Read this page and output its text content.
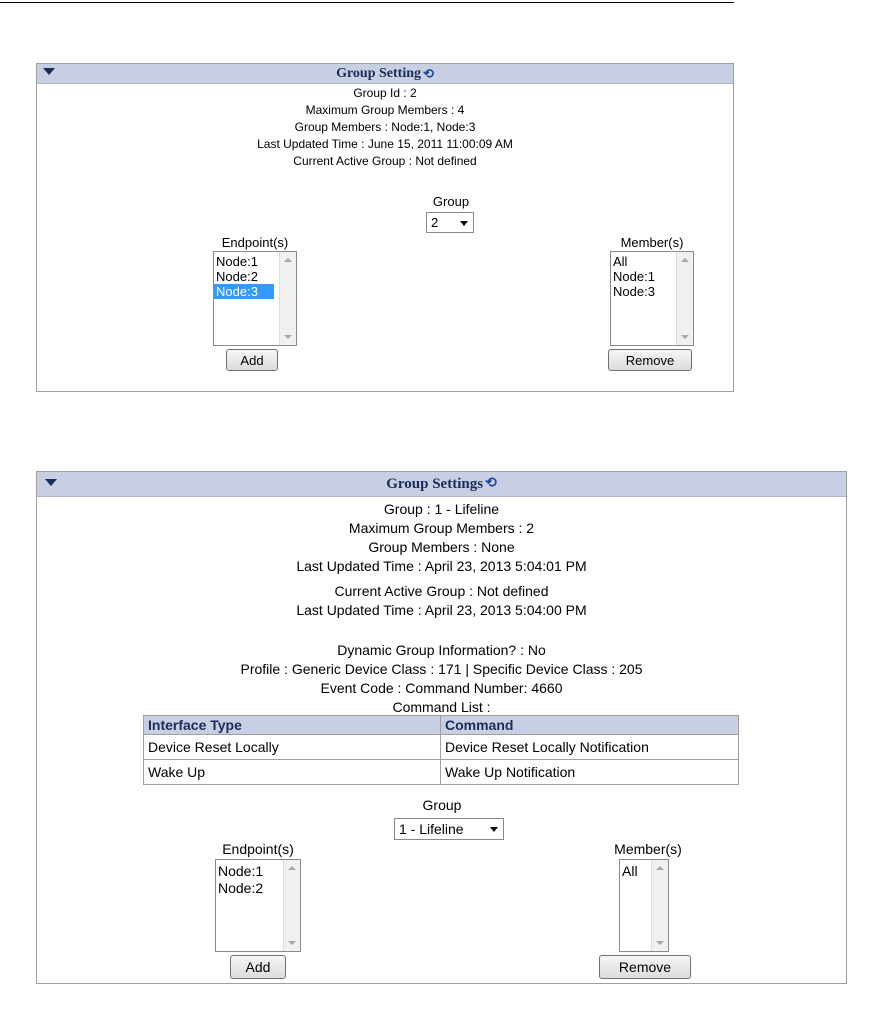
Group Setting ⟲
Group Id : 2
Maximum Group Members : 4
Group Members : Node:1, Node:3
Last Updated Time : June 15, 2011 11:00:09 AM
Current Active Group : Not defined
Group
2
Endpoint(s)
Node:1
Node:2
Node:3
Add
Member(s)
All
Node:1
Node:3
Remove
Group Settings ⟲
Group : 1 - Lifeline
Maximum Group Members : 2
Group Members : None
Last Updated Time : April 23, 2013 5:04:01 PM
Current Active Group : Not defined
Last Updated Time : April 23, 2013 5:04:00 PM
Dynamic Group Information? : No
Profile : Generic Device Class : 171 | Specific Device Class : 205
Event Code : Command Number: 4660
Command List :
Interface Type	Command
Device Reset Locally	Device Reset Locally Notification
Wake Up	Wake Up Notification
Group
1 - Lifeline
Endpoint(s)
Node:1
Node:2
Member(s)
All
Add	Remove
